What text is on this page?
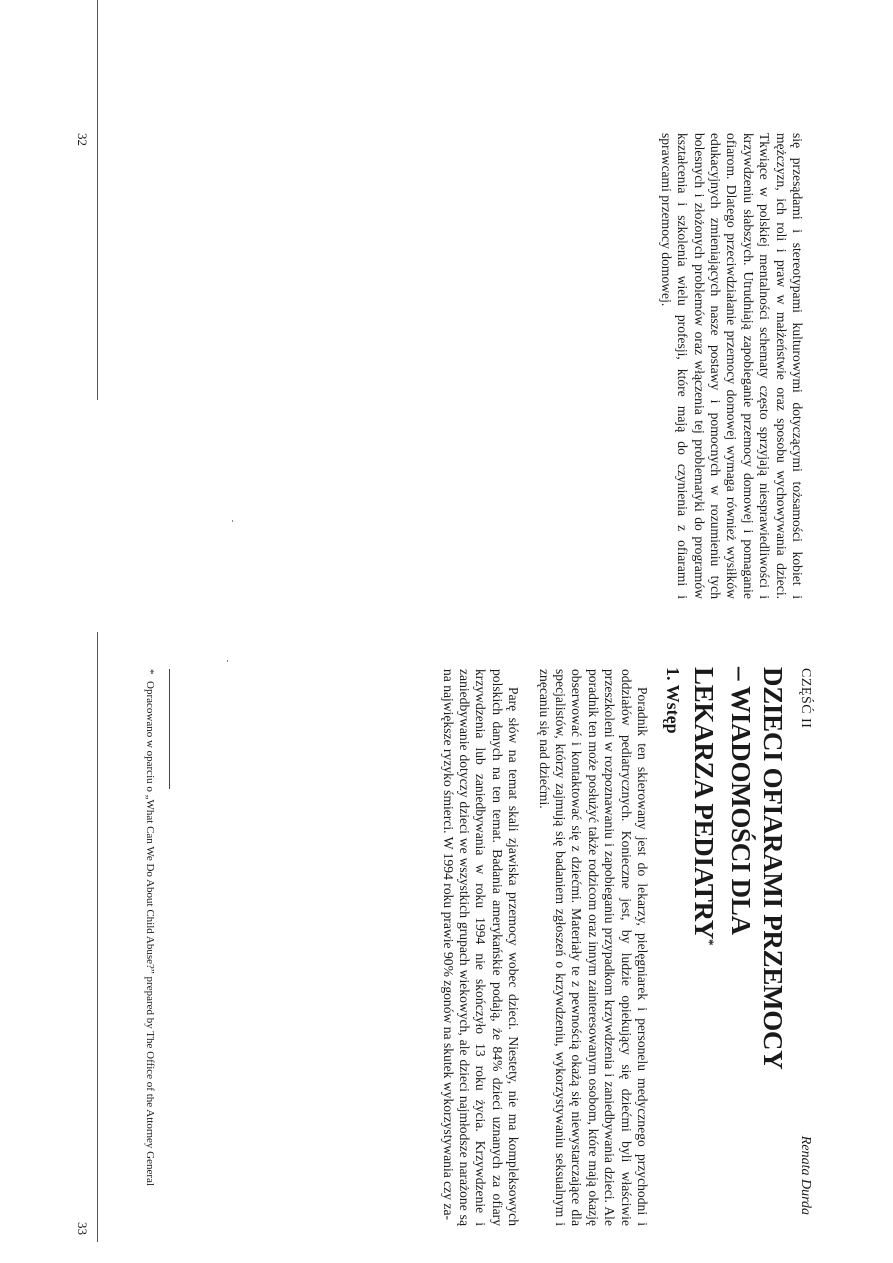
się przesądami i stereotypami kulturowymi dotyczącymi tożsamości kobiet i mężczyzn, ich roli i praw w małżeństwie oraz sposobu wychowywania dzieci. Tkwiące w polskiej mentalności schematy często sprzyjają niesprawiedliwości i krzywdzeniu słabszych. Utrudniają zapobieganie przemocy domowej i pomaganie ofiarom. Dlatego przeciwdziałanie przemocy domowej wymaga również wysiłków edukacyjnych zmieniających nasze postawy i pomocnych w rozumieniu tych bolesnych i złożonych problemów oraz włączenia tej problematyki do programów kształcenia i szkolenia wielu profesji, które mają do czynienia z ofiarami i sprawcami przemocy domowej.

32
CZĘŚĆ II
Renata Durda
DZIECI OFIARAMI PRZEMOCY
– WIADOMOŚCI DLA
LEKARZA PEDIATRY*
1. Wstęp

Poradnik ten skierowany jest do lekarzy, pielęgniarek i personelu medycznego przychodni i oddziałów pediatrycznych. Konieczne jest, by ludzie opiekujący się dziećmi byli właściwie przeszkoleni w rozpoznawaniu i zapobieganiu przypadkom krzywdzenia i zaniedbywania dzieci. Ale poradnik ten może posłużyć także rodzicom oraz innym zainteresowanym osobom, które mają okazję obserwować i kontaktować się z dziećmi. Materiały te z pewnością okażą się niewystarczające dla specjalistów, którzy zajmują się badaniem zgłoszeń o krzywdzeniu, wykorzystywaniu seksualnym i znęcaniu się nad dziećmi.

Parę słów na temat skali zjawiska przemocy wobec dzieci. Niestety, nie ma kompleksowych polskich danych na ten temat. Badania amerykańskie podają, że 84% dzieci uznanych za ofiary krzywdzenia lub zaniedbywania w roku 1994 nie skończyło 13 roku życia. Krzywdzenie i zaniedbywanie dotyczy dzieci we wszystkich grupach wiekowych, ale dzieci najmłodsze narażone są na największe ryzyko śmierci. W 1994 roku prawie 90% zgonów na skutek wykorzystywania czy za-

*
Opracowano w oparciu o „What Can We Do About Child Abuse?” prepared by The Office of the Attorney General
33
